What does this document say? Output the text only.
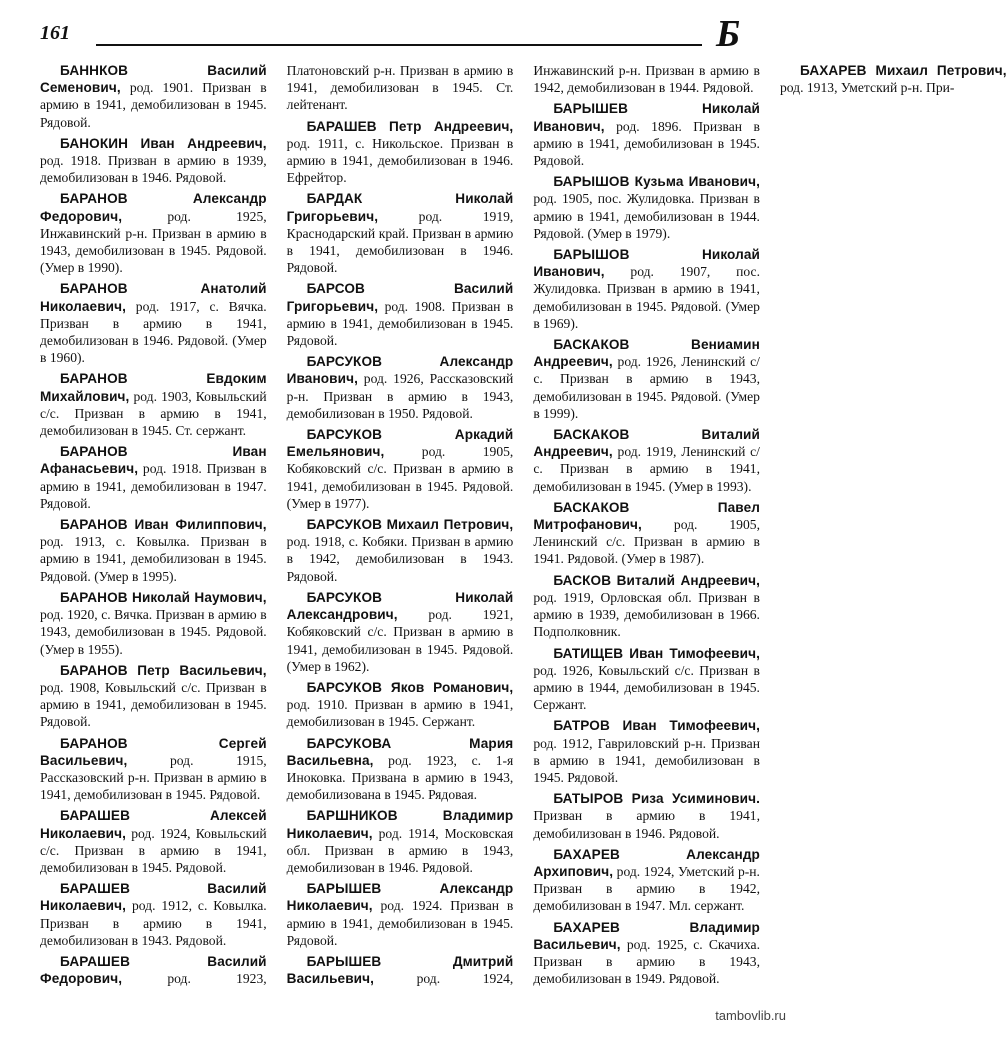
161	Б

БАННКОВ Василий Семенович, род. 1901. Призван в армию в 1941, демобилизован в 1945. Рядовой.

БАНОКИН Иван Андреевич, род. 1918. Призван в армию в 1939, демобилизован в 1946. Рядовой.

БАРАНОВ Александр Федорович, род. 1925, Инжавинский р-н. Призван в армию в 1943, демобилизован в 1945. Рядовой. (Умер в 1990).

БАРАНОВ Анатолий Николаевич, род. 1917, с. Вячка. Призван в армию в 1941, демобилизован в 1946. Рядовой. (Умер в 1960).

БАРАНОВ Евдоким Михайлович, род. 1903, Ковыльский с/с. Призван в армию в 1941, демобилизован в 1945. Ст. сержант.

БАРАНОВ Иван Афанасьевич, род. 1918. Призван в армию в 1941, демобилизован в 1947. Рядовой.

БАРАНОВ Иван Филиппович, род. 1913, с. Ковылка. Призван в армию в 1941, демобилизован в 1945. Рядовой. (Умер в 1995).

БАРАНОВ Николай Наумович, род. 1920, с. Вячка. Призван в армию в 1943, демобилизован в 1945. Рядовой. (Умер в 1955).

БАРАНОВ Петр Васильевич, род. 1908, Ковыльский с/с. Призван в армию в 1941, демобилизован в 1945. Рядовой.

БАРАНОВ Сергей Васильевич, род. 1915, Рассказовский р-н. Призван в армию в 1941, демобилизован в 1945. Рядовой.

БАРАШЕВ Алексей Николаевич, род. 1924, Ковыльский с/с. Призван в армию в 1941, демобилизован в 1945. Рядовой.

БАРАШЕВ Василий Николаевич, род. 1912, с. Ковылка. Призван в армию в 1941, демобилизован в 1943. Рядовой.

БАРАШЕВ Василий Федорович, род. 1923, Платоновский р-н. Призван в армию в 1941, демобилизован в 1945. Ст. лейтенант.

БАРАШЕВ Петр Андреевич, род. 1911, с. Никольское. Призван в армию в 1941, демобилизован в 1946. Ефрейтор.

БАРДАК Николай Григорьевич, род. 1919, Краснодарский край. Призван в армию в 1941, демобилизован в 1946. Рядовой.

БАРСОВ Василий Григорьевич, род. 1908. Призван в армию в 1941, демобилизован в 1945. Рядовой.

БАРСУКОВ Александр Иванович, род. 1926, Рассказовский р-н. Призван в армию в 1943, демобилизован в 1950. Рядовой.

БАРСУКОВ Аркадий Емельянович, род. 1905, Кобяковский с/с. Призван в армию в 1941, демобилизован в 1945. Рядовой. (Умер в 1977).

БАРСУКОВ Михаил Петрович, род. 1918, с. Кобяки. Призван в армию в 1942, демобилизован в 1943. Рядовой.

БАРСУКОВ Николай Александрович, род. 1921, Кобяковский с/с. Призван в армию в 1941, демобилизован в 1945. Рядовой. (Умер в 1962).

БАРСУКОВ Яков Романович, род. 1910. Призван в армию в 1941, демобилизован в 1945. Сержант.

БАРСУКОВА Мария Васильевна, род. 1923, с. 1-я Иноковка. Призвана в армию в 1943, демобилизована в 1945. Рядовая.

БАРШНИКОВ Владимир Николаевич, род. 1914, Московская обл. Призван в армию в 1943, демобилизован в 1946. Рядовой.

БАРЫШЕВ Александр Николаевич, род. 1924. Призван в армию в 1941, демобилизован в 1945. Рядовой.

БАРЫШЕВ Дмитрий Васильевич, род. 1924, Инжавинский р-н. Призван в армию в 1942, демобилизован в 1944. Рядовой.

БАРЫШЕВ Николай Иванович, род. 1896. Призван в армию в 1941, демобилизован в 1945. Рядовой.

БАРЫШОВ Кузьма Иванович, род. 1905, пос. Жулидовка. Призван в армию в 1941, демобилизован в 1944. Рядовой. (Умер в 1979).

БАРЫШОВ Николай Иванович, род. 1907, пос. Жулидовка. Призван в армию в 1941, демобилизован в 1945. Рядовой. (Умер в 1969).

БАСКАКОВ Вениамин Андреевич, род. 1926, Ленинский с/с. Призван в армию в 1943, демобилизован в 1945. Рядовой. (Умер в 1999).

БАСКАКОВ Виталий Андреевич, род. 1919, Ленинский с/с. Призван в армию в 1941, демобилизован в 1945. (Умер в 1993).

БАСКАКОВ Павел Митрофанович, род. 1905, Ленинский с/с. Призван в армию в 1941. Рядовой. (Умер в 1987).

БАСКОВ Виталий Андреевич, род. 1919, Орловская обл. Призван в армию в 1939, демобилизован в 1966. Подполковник.

БАТИЩЕВ Иван Тимофеевич, род. 1926, Ковыльский с/с. Призван в армию в 1944, демобилизован в 1945. Сержант.

БАТРОВ Иван Тимофеевич, род. 1912, Гавриловский р-н. Призван в армию в 1941, демобилизован в 1945. Рядовой.

БАТЫРОВ Риза Усиминович. Призван в армию в 1941, демобилизован в 1946. Рядовой.

БАХАРЕВ Александр Архипович, род. 1924, Уметский р-н. Призван в армию в 1942, демобилизован в 1947. Мл. сержант.

БАХАРЕВ Владимир Васильевич, род. 1925, с. Скачиха. Призван в армию в 1943, демобилизован в 1949. Рядовой.

БАХАРЕВ Михаил Петрович, род. 1913, Уметский р-н. При-

tambovlib.ru
